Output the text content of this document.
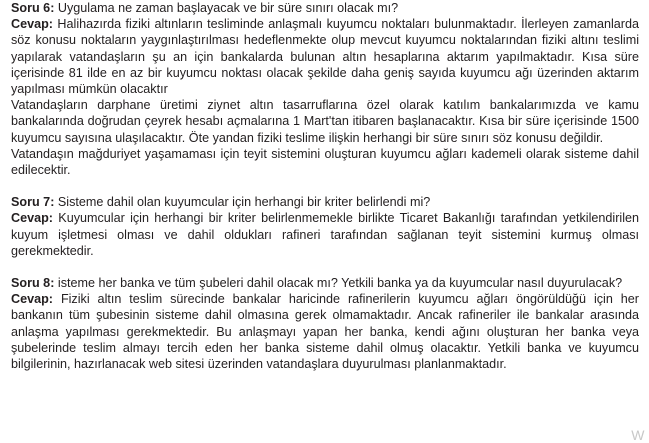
Soru 6: Uygulama ne zaman başlayacak ve bir süre sınırı olacak mı?

Cevap: Halihazırda fiziki altınların tesliminde anlaşmalı kuyumcu noktaları bulunmaktadır. İlerleyen zamanlarda söz konusu noktaların yaygınlaştırılması hedeflenmekte olup mevcut kuyumcu noktalarından fiziki altını teslimi yapılarak vatandaşların şu an için bankalarda bulunan altın hesaplarına aktarım yapılmaktadır. Kısa süre içerisinde 81 ilde en az bir kuyumcu noktası olacak şekilde daha geniş sayıda kuyumcu ağı üzerinden aktarım yapılması mümkün olacaktır

Vatandaşların darphane üretimi ziynet altın tasarruflarına özel olarak katılım bankalarımızda ve kamu bankalarında doğrudan çeyrek hesabı açmalarına 1 Mart'tan itibaren başlanacaktır. Kısa bir süre içerisinde 1500 kuyumcu sayısına ulaşılacaktır. Öte yandan fiziki teslime ilişkin herhangi bir süre sınırı söz konusu değildir.

Vatandaşın mağduriyet yaşamaması için teyit sistemini oluşturan kuyumcu ağları kademeli olarak sisteme dahil edilecektir.

Soru 7: Sisteme dahil olan kuyumcular için herhangi bir kriter belirlendi mi?

Cevap: Kuyumcular için herhangi bir kriter belirlenmemekle birlikte Ticaret Bakanlığı tarafından yetkilendirilen kuyum işletmesi olması ve dahil oldukları rafineri tarafından sağlanan teyit sistemini kurmuş olması gerekmektedir.

Soru 8: isteme her banka ve tüm şubeleri dahil olacak mı? Yetkili banka ya da kuyumcular nasıl duyurulacak?

Cevap: Fiziki altın teslim sürecinde bankalar haricinde rafinerilerin kuyumcu ağları öngörüldüğü için her bankanın tüm şubesinin sisteme dahil olmasına gerek olmamaktadır. Ancak rafineriler ile bankalar arasında anlaşma yapılması gerekmektedir. Bu anlaşmayı yapan her banka, kendi ağını oluşturan her banka veya şubelerinde teslim almayı tercih eden her banka sisteme dahil olmuş olacaktır. Yetkili banka ve kuyumcu bilgilerinin, hazırlanacak web sitesi üzerinden vatandaşlara duyurulması planlanmaktadır.

W
